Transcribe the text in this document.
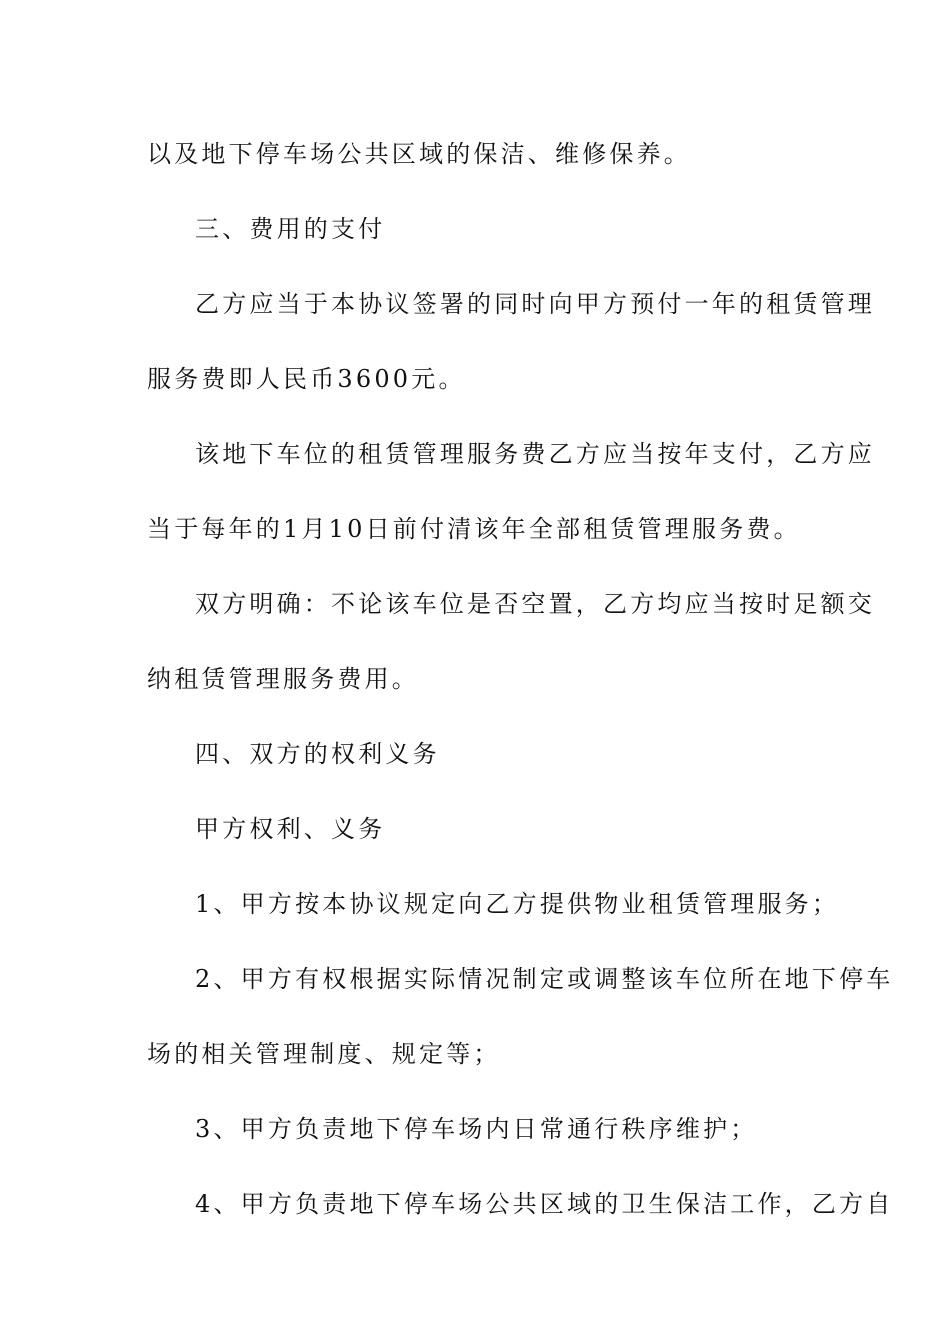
以及地下停车场公共区域的保洁、维修保养。
三、费用的支付
乙方应当于本协议签署的同时向甲方预付一年的租赁管理
服务费即人民币3600元。
该地下车位的租赁管理服务费乙方应当按年支付，乙方应
当于每年的1月10日前付清该年全部租赁管理服务费。
双方明确：不论该车位是否空置，乙方均应当按时足额交
纳租赁管理服务费用。
四、双方的权利义务
甲方权利、义务
1、甲方按本协议规定向乙方提供物业租赁管理服务；
2、甲方有权根据实际情况制定或调整该车位所在地下停车
场的相关管理制度、规定等；
3、甲方负责地下停车场内日常通行秩序维护；
4、甲方负责地下停车场公共区域的卫生保洁工作，乙方自
